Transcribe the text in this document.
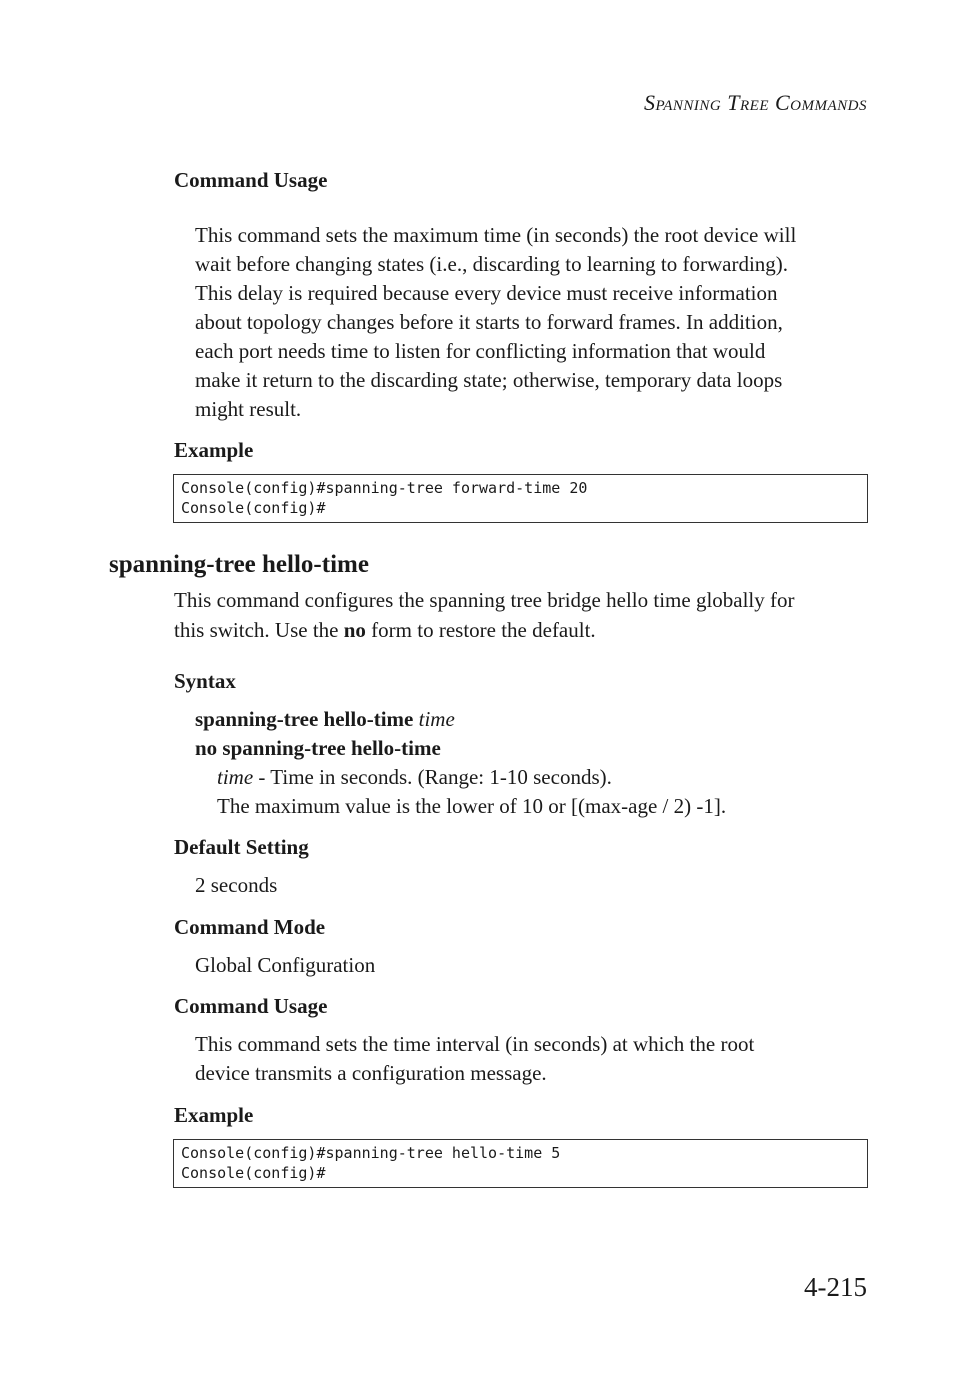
Spanning Tree Commands
Command Usage
This command sets the maximum time (in seconds) the root device will
wait before changing states (i.e., discarding to learning to forwarding).
This delay is required because every device must receive information
about topology changes before it starts to forward frames. In addition,
each port needs time to listen for conflicting information that would
make it return to the discarding state; otherwise, temporary data loops
might result.
Example
Console(config)#spanning-tree forward-time 20
Console(config)#
spanning-tree hello-time
This command configures the spanning tree bridge hello time globally for
this switch. Use the no form to restore the default.
Syntax
spanning-tree hello-time time
no spanning-tree hello-time
time - Time in seconds. (Range: 1-10 seconds).
The maximum value is the lower of 10 or [(max-age / 2) -1].
Default Setting
2 seconds
Command Mode
Global Configuration
Command Usage
This command sets the time interval (in seconds) at which the root
device transmits a configuration message.
Example
Console(config)#spanning-tree hello-time 5
Console(config)#
4-215
